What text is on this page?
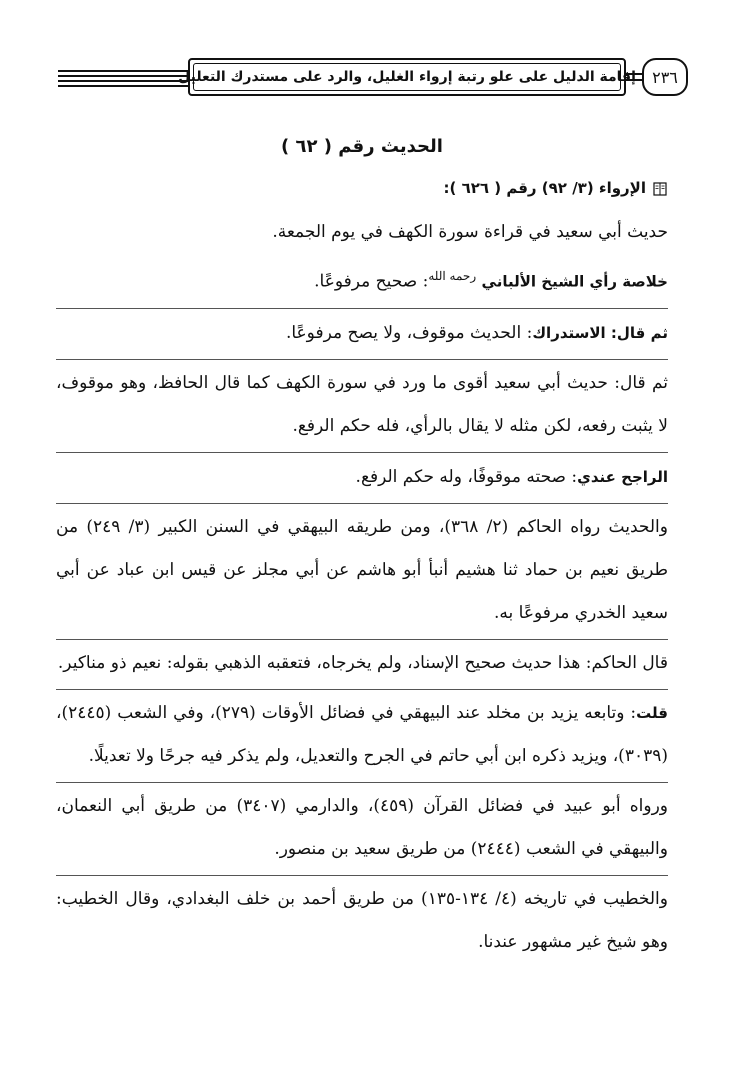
إقامة الدليل على علو رتبة إرواء الغليل، والرد على مستدرك التعليل ٢٣٦
الحديث رقم ( ٦٢ )
الإرواء (٣/ ٩٢) رقم ( ٦٢٦ ):
حديث أبي سعيد في قراءة سورة الكهف في يوم الجمعة.
خلاصة رأي الشيخ الألباني $^{رحمه الله}$: صحيح مرفوعًا.
ثم قال: الاستدراك: الحديث موقوف، ولا يصح مرفوعًا.
ثم قال: حديث أبي سعيد أقوى ما ورد في سورة الكهف كما قال الحافظ، وهو موقوف، لا يثبت رفعه، لكن مثله لا يقال بالرأي، فله حكم الرفع.
الراجح عندي: صحته موقوفًا، وله حكم الرفع.
والحديث رواه الحاكم (٢/ ٣٦٨)، ومن طريقه البيهقي في السنن الكبير (٣/ ٢٤٩) من طريق نعيم بن حماد ثنا هشيم أنبأ أبو هاشم عن أبي مجلز عن قيس ابن عباد عن أبي سعيد الخدري مرفوعًا به.
قال الحاكم: هذا حديث صحيح الإسناد، ولم يخرجاه، فتعقبه الذهبي بقوله: نعيم ذو مناكير.
قلت: وتابعه يزيد بن مخلد عند البيهقي في فضائل الأوقات (٢٧٩)، وفي الشعب (٢٤٤٥)، (٣٠٣٩)، ويزيد ذكره ابن أبي حاتم في الجرح والتعديل، ولم يذكر فيه جرحًا ولا تعديلًا.
ورواه أبو عبيد في فضائل القرآن (٤٥٩)، والدارمي (٣٤٠٧) من طريق أبي النعمان، والبيهقي في الشعب (٢٤٤٤) من طريق سعيد بن منصور.
والخطيب في تاريخه (٤/ ١٣٤-١٣٥) من طريق أحمد بن خلف البغدادي، وقال الخطيب: وهو شيخ غير مشهور عندنا.
